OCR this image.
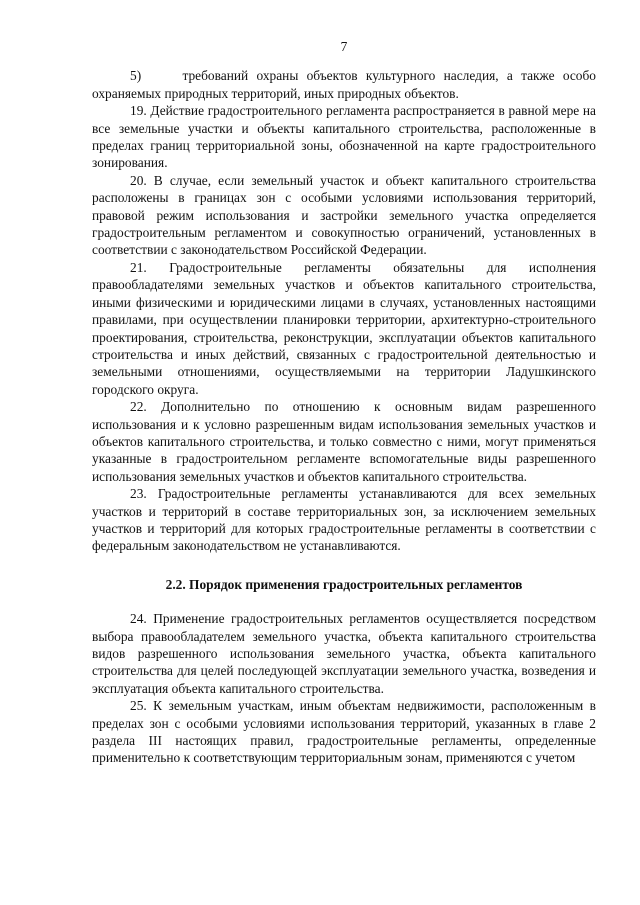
7

5)     требований охраны объектов культурного наследия, а также особо охраняемых природных территорий, иных природных объектов.

19. Действие градостроительного регламента распространяется в равной мере на все земельные участки и объекты капитального строительства, расположенные в пределах границ территориальной зоны, обозначенной на карте градостроительного зонирования.

20. В случае, если земельный участок и объект капитального строительства расположены в границах зон с особыми условиями использования территорий, правовой режим использования и застройки земельного участка определяется градостроительным регламентом и совокупностью ограничений, установленных в соответствии с законодательством Российской Федерации.

21. Градостроительные регламенты обязательны для исполнения правообладателями земельных участков и объектов капитального строительства, иными физическими и юридическими лицами в случаях, установленных настоящими правилами, при осуществлении планировки территории, архитектурно-строительного проектирования, строительства, реконструкции, эксплуатации объектов капитального строительства и иных действий, связанных с градостроительной деятельностью и земельными отношениями, осуществляемыми на территории Ладушкинского городского округа.

22. Дополнительно по отношению к основным видам разрешенного использования и к условно разрешенным видам использования земельных участков и объектов капитального строительства, и только совместно с ними, могут применяться указанные в градостроительном регламенте вспомогательные виды разрешенного использования земельных участков и объектов капитального строительства.

23. Градостроительные регламенты устанавливаются для всех земельных участков и территорий в составе территориальных зон, за исключением земельных участков и территорий для которых градостроительные регламенты в соответствии с федеральным законодательством не устанавливаются.

2.2. Порядок применения градостроительных регламентов

24. Применение градостроительных регламентов осуществляется посредством выбора правообладателем земельного участка, объекта капитального строительства видов разрешенного использования земельного участка, объекта капитального строительства для целей последующей эксплуатации земельного участка, возведения и эксплуатация объекта капитального строительства.

25. К земельным участкам, иным объектам недвижимости, расположенным в пределах зон с особыми условиями использования территорий, указанных в главе 2 раздела III настоящих правил, градостроительные регламенты, определенные применительно к соответствующим территориальным зонам, применяются с учетом
